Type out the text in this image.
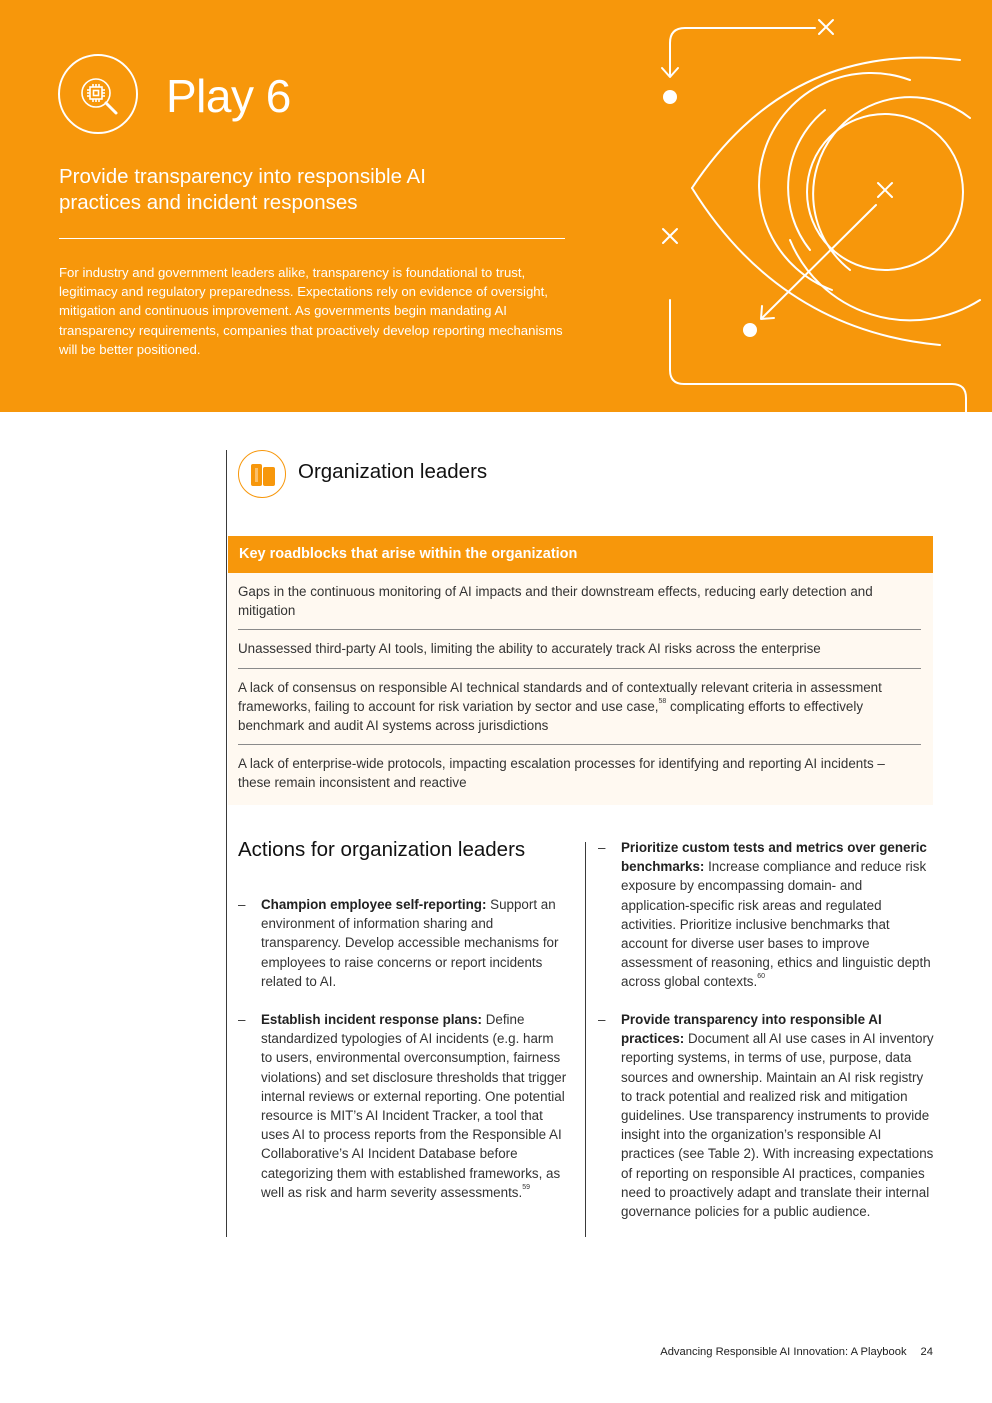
Play 6
Provide transparency into responsible AI practices and incident responses
For industry and government leaders alike, transparency is foundational to trust, legitimacy and regulatory preparedness. Expectations rely on evidence of oversight, mitigation and continuous improvement. As governments begin mandating AI transparency requirements, companies that proactively develop reporting mechanisms will be better positioned.
Organization leaders
Key roadblocks that arise within the organization
Gaps in the continuous monitoring of AI impacts and their downstream effects, reducing early detection and mitigation
Unassessed third-party AI tools, limiting the ability to accurately track AI risks across the enterprise
A lack of consensus on responsible AI technical standards and of contextually relevant criteria in assessment frameworks, failing to account for risk variation by sector and use case,$^{58}$ complicating efforts to effectively benchmark and audit AI systems across jurisdictions
A lack of enterprise-wide protocols, impacting escalation processes for identifying and reporting AI incidents – these remain inconsistent and reactive
Actions for organization leaders
– Champion employee self-reporting: Support an environment of information sharing and transparency. Develop accessible mechanisms for employees to raise concerns or report incidents related to AI.
– Establish incident response plans: Define standardized typologies of AI incidents (e.g. harm to users, environmental overconsumption, fairness violations) and set disclosure thresholds that trigger internal reviews or external reporting. One potential resource is MIT’s AI Incident Tracker, a tool that uses AI to process reports from the Responsible AI Collaborative’s AI Incident Database before categorizing them with established frameworks, as well as risk and harm severity assessments.$^{59}$
– Prioritize custom tests and metrics over generic benchmarks: Increase compliance and reduce risk exposure by encompassing domain- and application-specific risk areas and regulated activities. Prioritize inclusive benchmarks that account for diverse user bases to improve assessment of reasoning, ethics and linguistic depth across global contexts.$^{60}$
– Provide transparency into responsible AI practices: Document all AI use cases in AI inventory reporting systems, in terms of use, purpose, data sources and ownership. Maintain an AI risk registry to track potential and realized risk and mitigation guidelines. Use transparency instruments to provide insight into the organization’s responsible AI practices (see Table 2). With increasing expectations of reporting on responsible AI practices, companies need to proactively adapt and translate their internal governance policies for a public audience.
Advancing Responsible AI Innovation: A Playbook 24
